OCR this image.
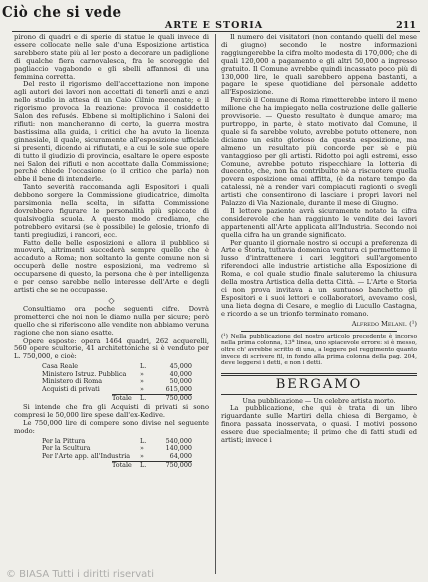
Ciò che si vede
ARTE E STORIA	211

pirono di quadri e di sperie di statue le quali invece di essere collocate nelle sale d'una Esposizione artistica sarebbero state più al ler posto a decorare un padiglione di qualche fiera carnovalesca, fra le scoreggie del pagliaccio vagabondo e gli sbelli affannosi di una femmina corretta.

Del resto il rigorismo dell'accettazione non impone agli autori dei lavori non accettati di tenerli anzi e anzi nello studio in attesa di un Caio Cilnio mecenate; e il rigorismo provoca la reazione: provoca il cosiddetto Salon des refusés. Ebbene si moltiplichino i Saloni dei rifiuti: non mancheranno di certo, la guerra mostra bastissima alla guida, i critici che ha avuto la licenza ginnasiale, il quale, sicuramente all'esposizione ufficiale si presenti, dicendo ai rifiutati, e a cui le sole sue opere di tutto il giudizio di provincia, esaltare le opere esposte nei Salon dei rifiuti e non accettate dalla Commissione; perché chiede l'occasione (o il critico che parla) non ebbe il bene di intenderle.

Tanto severità raccomanda agli Espositori i quali debbono sorgere la Commissione giudicatrice, dimolta parsimonia nella scelta, in sifatta Commissione dovrebbero figurare le personalità più spiccate di qualsivoglia scuola. A questo modo crediamo, che potrebbero evitarsi (se è possibile) le gelosie, trionfo di tanti pregiudizi, i rancori, ecc.

Fatto delle belle esposizioni e allora il pubblico si muoverà, altrimenti succederà sempre quello che è accaduto a Roma; non soltanto la gente comune non si occuperà delle nostre esposizioni, ma vedremo sì occuparsene di questo, la persona che è per intelligenza e per censo sarebbe nello interesse dell'Arte e degli artisti che se ne occupasse.

◇

Consultiamo ora poche seguenti cifre. Dovrà prometterci che noi non le diamo nulla per sicure; però quello che si riferiscono alle vendite non abbiamo veruna ragione che non siano esatte.

Opere esposte: opera 1464 quadri, 262 acquerelli, 560 opere scultorie, 41 architettoniche si è venduto per L. 750,000, e cioè:

Casa Reale	L.	45,000
Ministero Istruz. Pubblica	»	40,000
Ministero di Roma	»	50,000
Acquisti di privati	»	615,000
Totale	L.	750,000

Si intende che fra gli Acquisti di privati si sono compresi le 50,000 lire spese dall'ex-Kedive.

Le 750,000 lire di compere sono divise nel seguente modo:

Per la Pittura	L.	540,000
Per la Scultura	»	140,000
Per l'Arte app. all'Industria	»	64,000
Totale	L.	750,000

Il numero dei visitatori (non contando quelli del mese di giugno) secondo le nostre informazioni raggiungerebbe la cifra molto modesta di 170,000; che di quali 120,000 a pagamento e gli altri 50,000 a ingresso gratuito. Il Comune avrebbe quindi incassato poco più di 130,000 lire, le quali sarebbero appena bastanti, a pagare le spese quotidiane del personale addetto all'Esposizione.

Perciò il Comune di Roma rimetterebbe intero il meno milione che ha impiegato nella costruzione delle gallerie provvisorie. — Questo resultato è dunque amaro; ma purtroppo, in parte, è stato motivato dal Comune, il quale si fa sarebbe voluto, avrebbe potuto ottenere, non diciamo un esito glorioso da questa esposizione, ma almeno un resultato più concorde per sè e più vantaggioso per gli artisti. Ridotto poi agli estremi, esso Comune, avrebbe potuto rispecchiare la lotteria di duecento, che, non ha contribuito nè a riscuotere quella povera esposizione omai affitta, (è da notare tempo da catalessi, nè a render vari compiacuti ragionti o svegli artisti che consentirono di lasciare i propri lavori nel Palazzo di Via Nazionale, durante il mese di Giugno.

Il lettore paziente avrà sicuramente notato la cifra considerevole che han raggiunto le vendite dei lavori appartenenti all'Arte applicata all'Industria. Secondo noi quella cifra ha un grande significato.

Per quanto il giornale nostro si occupi a preferenza di Arte e Storia, tuttavia domenica ventura ci permettemo il lusso d'intrattenere i cari leggitori sull'argomento riferendoci alle industrie artistiche alla Esposizione di Roma, e col quale studio finale saluteremo la chiusura della mostra Artistica della detta Città. — L'Arte e Storia ci non prova invitava a un suntuoso banchetto gli Espositori e i suoi lettori e collaboratori, avevamo così, una lieta degna di Cesare, e meglio di Lucullo Castagna, e ricordo a se un trionfo terminato romano.

Alfredo Melani. (¹)
(¹) Nella pubblicazione del nostro articolo precedente è incorso nella prima colonna, 13ª linea, uno spiacevole errore: si è messo, oltre ch' avrebbe scritto di una, a leggere pel reggimento quanto invece di scrivere fil, in fondo alla prima colonna della pag. 204, deve leggersi i detti, e non i detti.
BERGAMO
Una pubblicazione — Un celebre artista morto.

La pubblicazione, che qui è trata di un libro riguardante sulle Martiri della chiesa di Bergamo, è finora passata inosservata, o quasi. I motivi possono essere due specialmente; il primo che di fatti studi ed artisti; invece i

© BIASA Tutti i diritti riservati
